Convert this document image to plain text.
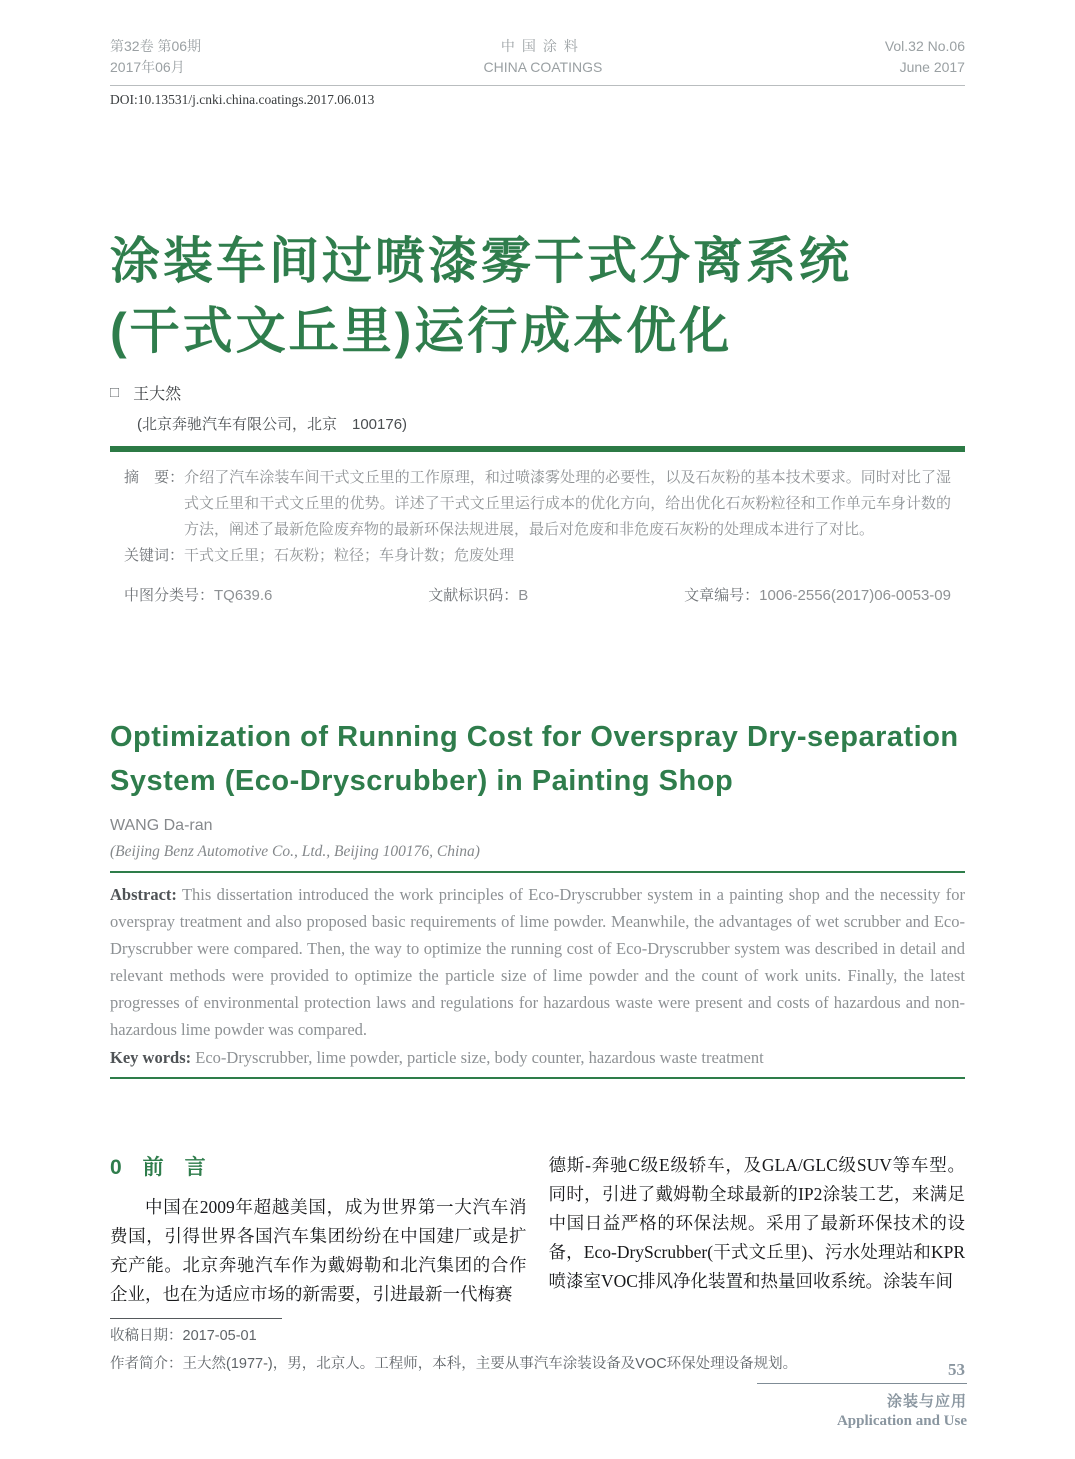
第32卷 第06期
2017年06月
中国涂料
CHINA COATINGS
Vol.32 No.06
June 2017
DOI:10.13531/j.cnki.china.coatings.2017.06.013
涂装车间过喷漆雾干式分离系统
(干式文丘里)运行成本优化
□ 王大然
(北京奔驰汽车有限公司，北京　100176)

摘　要：介绍了汽车涂装车间干式文丘里的工作原理，和过喷漆雾处理的必要性，以及石灰粉的基本技术要求。同时对比了湿式文丘里和干式文丘里的优势。详述了干式文丘里运行成本的优化方向，给出优化石灰粉粒径和工作单元车身计数的方法，阐述了最新危险废弃物的最新环保法规进展，最后对危废和非危废石灰粉的处理成本进行了对比。

关键词：干式文丘里；石灰粉；粒径；车身计数；危废处理

中图分类号：TQ639.6	文献标识码：B	文章编号：1006-2556(2017)06-0053-09
Optimization of Running Cost for Overspray Dry-separation
System (Eco-Dryscrubber) in Painting Shop
WANG Da-ran
(Beijing Benz Automotive Co., Ltd., Beijing 100176, China)

Abstract: This dissertation introduced the work principles of Eco-Dryscrubber system in a painting shop and the necessity for overspray treatment and also proposed basic requirements of lime powder. Meanwhile, the advantages of wet scrubber and Eco-Dryscrubber were compared. Then, the way to optimize the running cost of Eco-Dryscrubber system was described in detail and relevant methods were provided to optimize the particle size of lime powder and the count of work units. Finally, the latest progresses of environmental protection laws and regulations for hazardous waste were present and costs of hazardous and non-hazardous lime powder was compared.

Key words: Eco-Dryscrubber, lime powder, particle size, body counter, hazardous waste treatment

0　前　言

中国在2009年超越美国，成为世界第一大汽车消费国，引得世界各国汽车集团纷纷在中国建厂或是扩充产能。北京奔驰汽车作为戴姆勒和北汽集团的合作企业，也在为适应市场的新需要，引进最新一代梅赛

德斯-奔驰C级E级轿车，及GLA/GLC级SUV等车型。同时，引进了戴姆勒全球最新的IP2涂装工艺，来满足中国日益严格的环保法规。采用了最新环保技术的设备，Eco-DryScrubber(干式文丘里)、污水处理站和KPR喷漆室VOC排风净化装置和热量回收系统。涂装车间

收稿日期：2017-05-01

作者简介：王大然(1977-)，男，北京人。工程师，本科，主要从事汽车涂装设备及VOC环保处理设备规划。	53
涂装与应用
Application and Use
